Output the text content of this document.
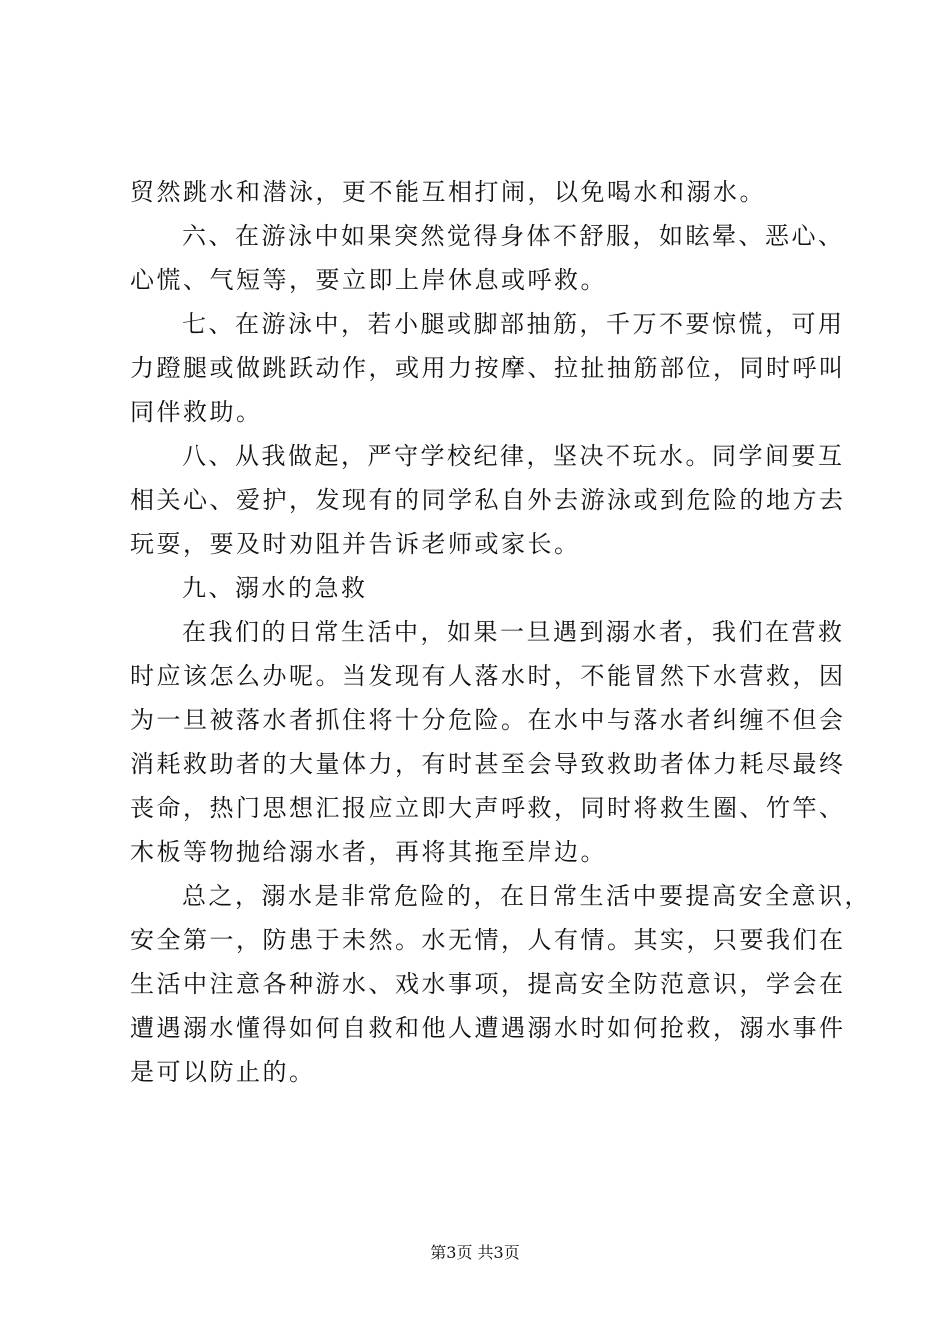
贸然跳水和潜泳，更不能互相打闹，以免喝水和溺水。
六、在游泳中如果突然觉得身体不舒服，如眩晕、恶心、
心慌、气短等，要立即上岸休息或呼救。
七、在游泳中，若小腿或脚部抽筋，千万不要惊慌，可用
力蹬腿或做跳跃动作，或用力按摩、拉扯抽筋部位，同时呼叫
同伴救助。
八、从我做起，严守学校纪律，坚决不玩水。同学间要互
相关心、爱护，发现有的同学私自外去游泳或到危险的地方去
玩耍，要及时劝阻并告诉老师或家长。
九、溺水的急救
在我们的日常生活中，如果一旦遇到溺水者，我们在营救
时应该怎么办呢。当发现有人落水时，不能冒然下水营救，因
为一旦被落水者抓住将十分危险。在水中与落水者纠缠不但会
消耗救助者的大量体力，有时甚至会导致救助者体力耗尽最终
丧命，热门思想汇报应立即大声呼救，同时将救生圈、竹竿、
木板等物抛给溺水者，再将其拖至岸边。
总之，溺水是非常危险的，在日常生活中要提高安全意识，
安全第一，防患于未然。水无情，人有情。其实，只要我们在
生活中注意各种游水、戏水事项，提高安全防范意识，学会在
遭遇溺水懂得如何自救和他人遭遇溺水时如何抢救，溺水事件
是可以防止的。
第3页 共3页
